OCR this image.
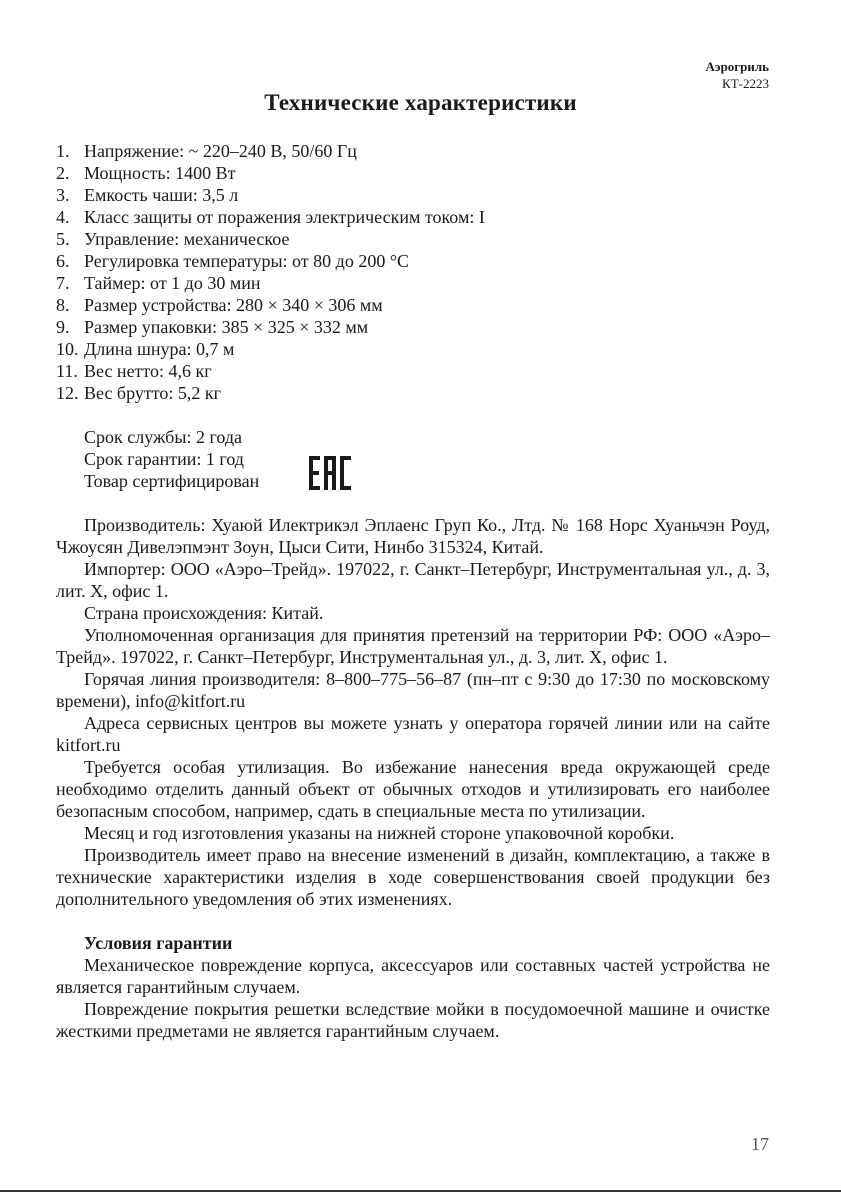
Аэрогриль
КТ-2223
Технические характеристики
1. Напряжение: ~ 220–240 В, 50/60 Гц
2. Мощность: 1400 Вт
3. Емкость чаши: 3,5 л
4. Класс защиты от поражения электрическим током: I
5. Управление: механическое
6. Регулировка температуры: от 80 до 200 °C
7. Таймер: от 1 до 30 мин
8. Размер устройства: 280 × 340 × 306 мм
9. Размер упаковки: 385 × 325 × 332 мм
10. Длина шнура: 0,7 м
11. Вес нетто: 4,6 кг
12. Вес брутто: 5,2 кг
Срок службы: 2 года
Срок гарантии: 1 год
Товар сертифицирован

Производитель: Хуаюй Илектрикэл Эплаенс Груп Ко., Лтд. № 168 Норс Хуаньчэн Роуд, Чжоусян Дивелэпмэнт Зоун, Цыси Сити, Нинбо 315324, Китай.

Импортер: ООО «Аэро–Трейд». 197022, г. Санкт–Петербург, Инструментальная ул., д. 3, лит. Х, офис 1.

Страна происхождения: Китай.

Уполномоченная организация для принятия претензий на территории РФ: ООО «Аэро–Трейд». 197022, г. Санкт–Петербург, Инструментальная ул., д. 3, лит. Х, офис 1.

Горячая линия производителя: 8–800–775–56–87 (пн–пт с 9:30 до 17:30 по московскому времени), info@kitfort.ru

Адреса сервисных центров вы можете узнать у оператора горячей линии или на сайте kitfort.ru

Требуется особая утилизация. Во избежание нанесения вреда окружающей среде необходимо отделить данный объект от обычных отходов и утилизировать его наиболее безопасным способом, например, сдать в специальные места по утилизации.

Месяц и год изготовления указаны на нижней стороне упаковочной коробки.

Производитель имеет право на внесение изменений в дизайн, комплектацию, а также в технические характеристики изделия в ходе совершенствования своей продукции без дополнительного уведомления об этих изменениях.

Условия гарантии

Механическое повреждение корпуса, аксессуаров или составных частей устройства не является гарантийным случаем.

Повреждение покрытия решетки вследствие мойки в посудомоечной машине и очистке жесткими предметами не является гарантийным случаем.

17
